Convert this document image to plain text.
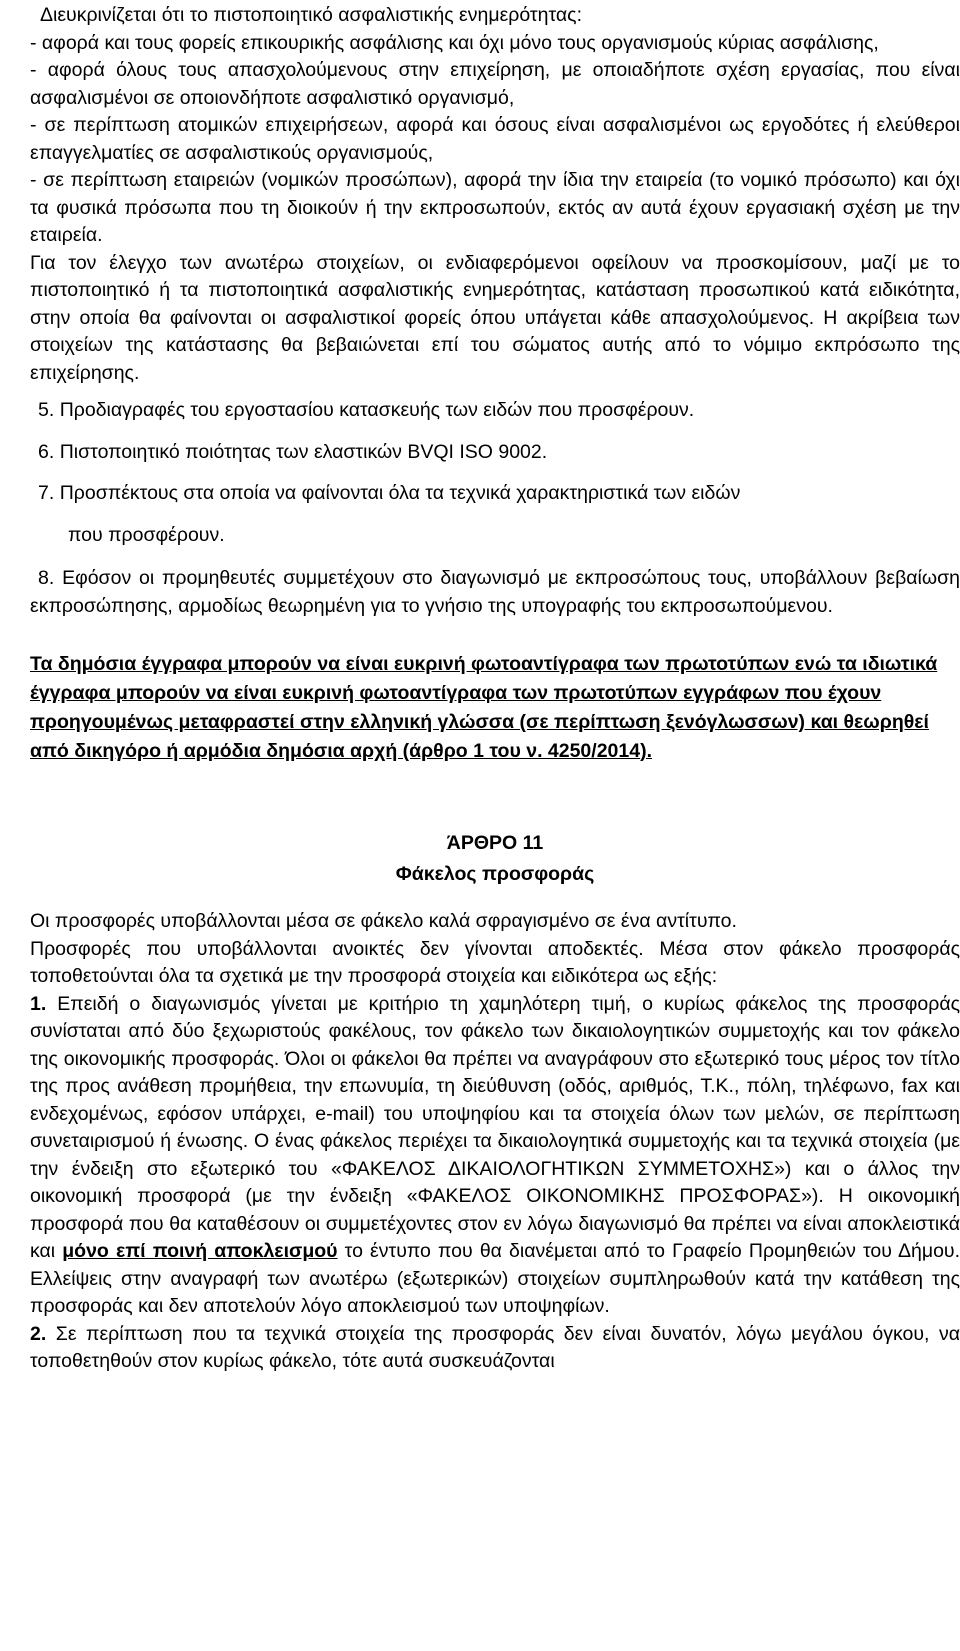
Διευκρινίζεται ότι το πιστοποιητικό ασφαλιστικής ενημερότητας:

- αφορά και τους φορείς επικουρικής ασφάλισης και όχι μόνο τους οργανισμούς κύριας ασφάλισης,

- αφορά όλους τους απασχολούμενους στην επιχείρηση, με οποιαδήποτε σχέση εργασίας, που είναι ασφαλισμένοι σε οποιονδήποτε ασφαλιστικό οργανισμό,

- σε περίπτωση ατομικών επιχειρήσεων, αφορά και όσους είναι ασφαλισμένοι ως εργοδότες ή ελεύθεροι επαγγελματίες σε ασφαλιστικούς οργανισμούς,

- σε περίπτωση εταιρειών (νομικών προσώπων), αφορά την ίδια την εταιρεία (το νομικό πρόσωπο) και όχι τα φυσικά πρόσωπα που τη διοικούν ή την εκπροσωπούν, εκτός αν αυτά έχουν εργασιακή σχέση με την εταιρεία.

Για τον έλεγχο των ανωτέρω στοιχείων, οι ενδιαφερόμενοι οφείλουν να προσκομίσουν, μαζί με το πιστοποιητικό ή τα πιστοποιητικά ασφαλιστικής ενημερότητας, κατάσταση προσωπικού κατά ειδικότητα, στην οποία θα φαίνονται οι ασφαλιστικοί φορείς όπου υπάγεται κάθε απασχολούμενος. Η ακρίβεια των στοιχείων της κατάστασης θα βεβαιώνεται επί του σώματος αυτής από το νόμιμο εκπρόσωπο της επιχείρησης.

5. Προδιαγραφές του εργοστασίου κατασκευής των ειδών που προσφέρουν.

6. Πιστοποιητικό ποιότητας των ελαστικών BVQI ISO 9002.

7. Προσπέκτους στα οποία να φαίνονται όλα τα τεχνικά χαρακτηριστικά των ειδών

που προσφέρουν.

8. Εφόσον οι προμηθευτές συμμετέχουν στο διαγωνισμό με εκπροσώπους τους, υποβάλλουν βεβαίωση εκπροσώπησης, αρμοδίως θεωρημένη για το γνήσιο της υπογραφής του εκπροσωπούμενου.

Τα δημόσια έγγραφα μπορούν να είναι ευκρινή φωτοαντίγραφα των πρωτοτύπων ενώ τα ιδιωτικά έγγραφα μπορούν να είναι ευκρινή φωτοαντίγραφα των πρωτοτύπων εγγράφων που έχουν προηγουμένως μεταφραστεί στην ελληνική γλώσσα (σε περίπτωση ξενόγλωσσων) και θεωρηθεί από δικηγόρο ή αρμόδια δημόσια αρχή (άρθρο 1 του ν. 4250/2014).

ΆΡΘΡΟ 11

Φάκελος προσφοράς

Οι προσφορές υποβάλλονται μέσα σε φάκελο καλά σφραγισμένο σε ένα αντίτυπο.

Προσφορές που υποβάλλονται ανοικτές δεν γίνονται αποδεκτές. Μέσα στον φάκελο προσφοράς τοποθετούνται όλα τα σχετικά με την προσφορά στοιχεία και ειδικότερα ως εξής:

1. Επειδή ο διαγωνισμός γίνεται με κριτήριο τη χαμηλότερη τιμή, ο κυρίως φάκελος της προσφοράς συνίσταται από δύο ξεχωριστούς φακέλους, τον φάκελο των δικαιολογητικών συμμετοχής και τον φάκελο της οικονομικής προσφοράς. Όλοι οι φάκελοι θα πρέπει να αναγράφουν στο εξωτερικό τους μέρος τον τίτλο της προς ανάθεση προμήθεια, την επωνυμία, τη διεύθυνση (οδός, αριθμός, Τ.Κ., πόλη, τηλέφωνο, fax και ενδεχομένως, εφόσον υπάρχει, e-mail) του υποψηφίου και τα στοιχεία όλων των μελών, σε περίπτωση συνεταιρισμού ή ένωσης. Ο ένας φάκελος περιέχει τα δικαιολογητικά συμμετοχής και τα τεχνικά στοιχεία (με την ένδειξη στο εξωτερικό του «ΦΑΚΕΛΟΣ ΔΙΚΑΙΟΛΟΓΗΤΙΚΩΝ ΣΥΜΜΕΤΟΧΗΣ») και ο άλλος την οικονομική προσφορά (με την ένδειξη «ΦΑΚΕΛΟΣ ΟΙΚΟΝΟΜΙΚΗΣ ΠΡΟΣΦΟΡΑΣ»). Η οικονομική προσφορά που θα καταθέσουν οι συμμετέχοντες στον εν λόγω διαγωνισμό θα πρέπει να είναι αποκλειστικά και μόνο επί ποινή αποκλεισμού το έντυπο που θα διανέμεται από το Γραφείο Προμηθειών του Δήμου. Ελλείψεις στην αναγραφή των ανωτέρω (εξωτερικών) στοιχείων συμπληρωθούν κατά την κατάθεση της προσφοράς και δεν αποτελούν λόγο αποκλεισμού των υποψηφίων.

2. Σε περίπτωση που τα τεχνικά στοιχεία της προσφοράς δεν είναι δυνατόν, λόγω μεγάλου όγκου, να τοποθετηθούν στον κυρίως φάκελο, τότε αυτά συσκευάζονται
